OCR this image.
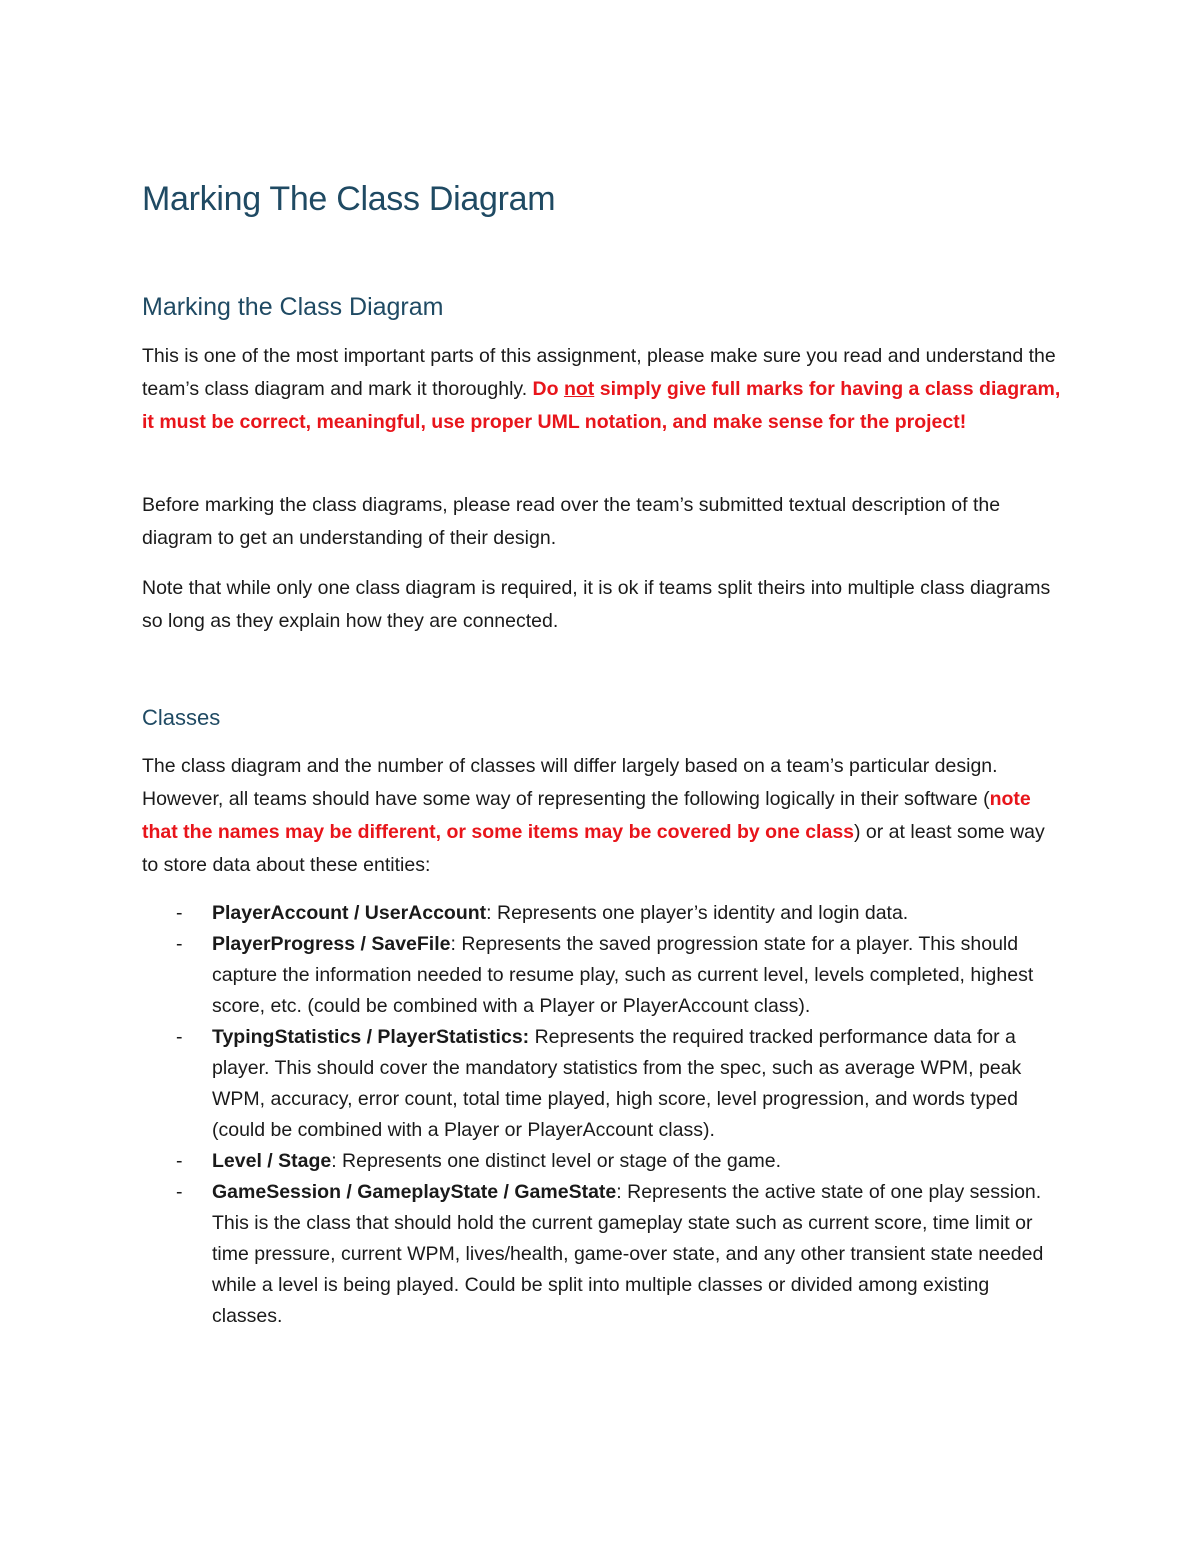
Marking The Class Diagram
Marking the Class Diagram

This is one of the most important parts of this assignment, please make sure you read and understand the team’s class diagram and mark it thoroughly. Do not simply give full marks for having a class diagram, it must be correct, meaningful, use proper UML notation, and make sense for the project!

Before marking the class diagrams, please read over the team’s submitted textual description of the diagram to get an understanding of their design.

Note that while only one class diagram is required, it is ok if teams split theirs into multiple class diagrams so long as they explain how they are connected.

Classes

The class diagram and the number of classes will differ largely based on a team’s particular design. However, all teams should have some way of representing the following logically in their software (note that the names may be different, or some items may be covered by one class) or at least some way to store data about these entities:

- PlayerAccount / UserAccount: Represents one player’s identity and login data.
- PlayerProgress / SaveFile: Represents the saved progression state for a player. This should capture the information needed to resume play, such as current level, levels completed, highest score, etc. (could be combined with a Player or PlayerAccount class).
- TypingStatistics / PlayerStatistics: Represents the required tracked performance data for a player. This should cover the mandatory statistics from the spec, such as average WPM, peak WPM, accuracy, error count, total time played, high score, level progression, and words typed (could be combined with a Player or PlayerAccount class).
- Level / Stage: Represents one distinct level or stage of the game.
- GameSession / GameplayState / GameState: Represents the active state of one play session. This is the class that should hold the current gameplay state such as current score, time limit or time pressure, current WPM, lives/health, game-over state, and any other transient state needed while a level is being played. Could be split into multiple classes or divided among existing classes.
